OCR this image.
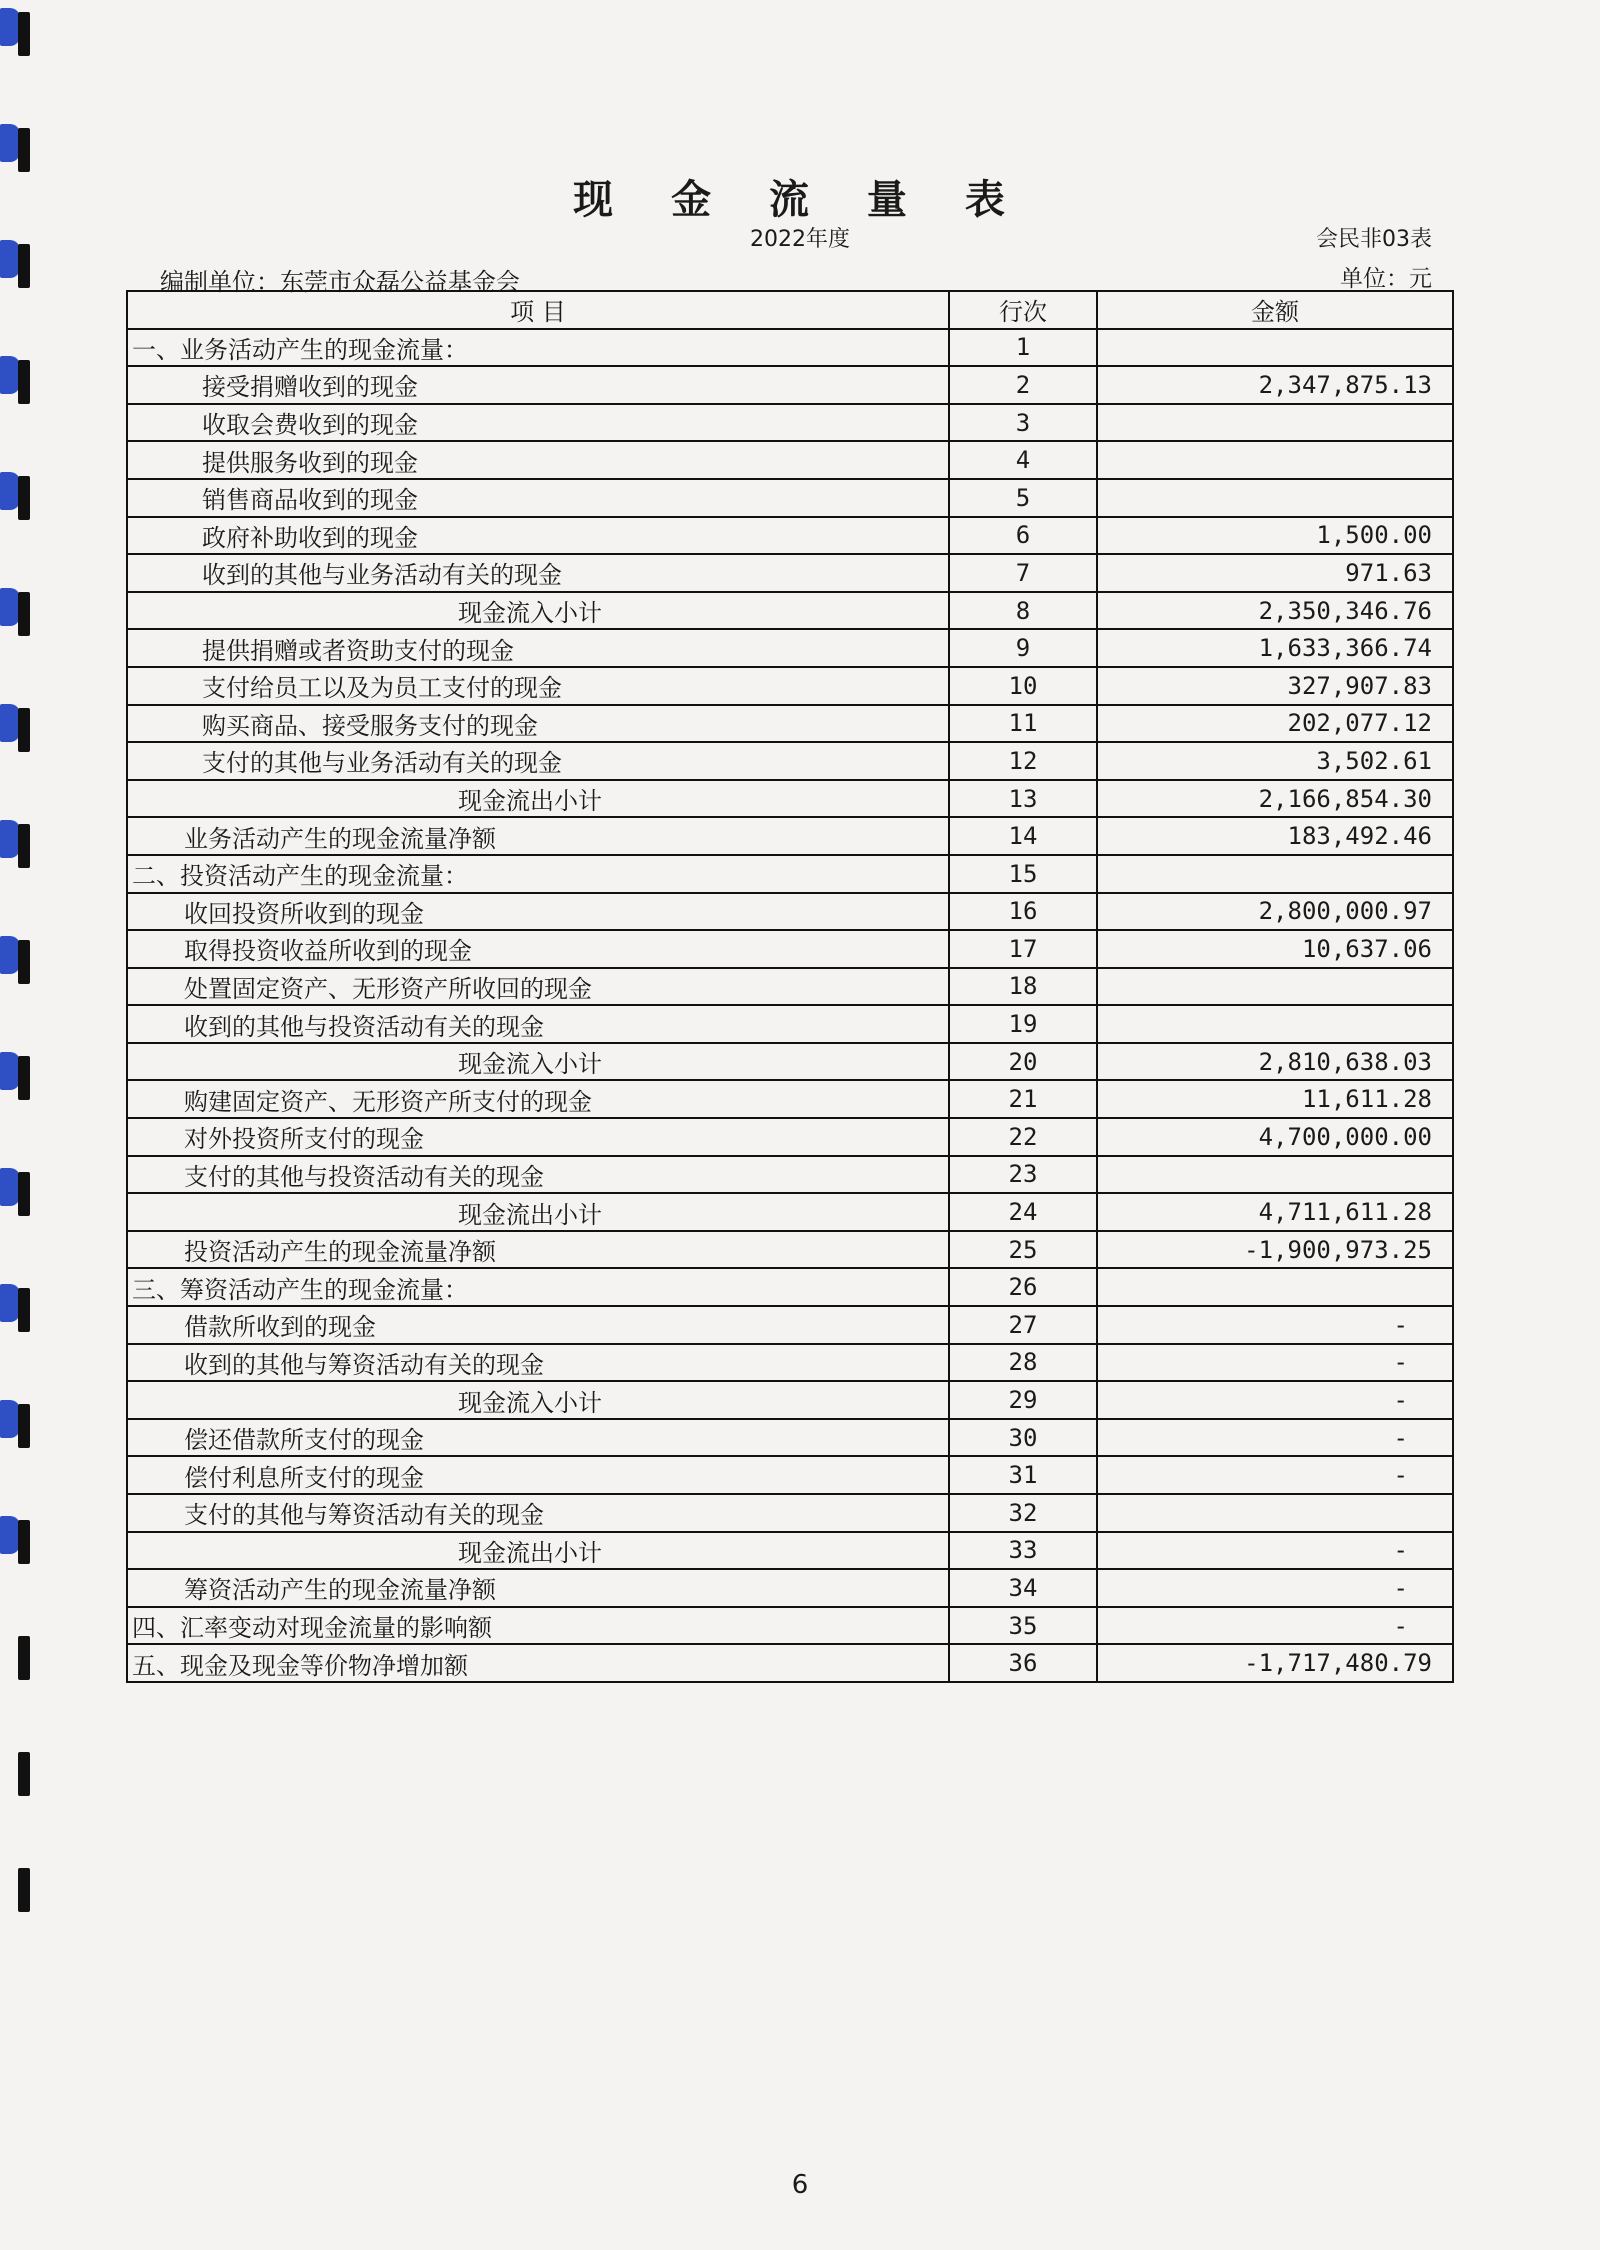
现 金 流 量 表
2022年度	会民非03表
编制单位：东莞市众磊公益基金会	单位：元
项 目	行次	金额
一、业务活动产生的现金流量：	1	
接受捐赠收到的现金	2	2,347,875.13
收取会费收到的现金	3	
提供服务收到的现金	4	
销售商品收到的现金	5	
政府补助收到的现金	6	1,500.00
收到的其他与业务活动有关的现金	7	971.63
现金流入小计	8	2,350,346.76
提供捐赠或者资助支付的现金	9	1,633,366.74
支付给员工以及为员工支付的现金	10	327,907.83
购买商品、接受服务支付的现金	11	202,077.12
支付的其他与业务活动有关的现金	12	3,502.61
现金流出小计	13	2,166,854.30
业务活动产生的现金流量净额	14	183,492.46
二、投资活动产生的现金流量：	15	
收回投资所收到的现金	16	2,800,000.97
取得投资收益所收到的现金	17	10,637.06
处置固定资产、无形资产所收回的现金	18	
收到的其他与投资活动有关的现金	19	
现金流入小计	20	2,810,638.03
购建固定资产、无形资产所支付的现金	21	11,611.28
对外投资所支付的现金	22	4,700,000.00
支付的其他与投资活动有关的现金	23	
现金流出小计	24	4,711,611.28
投资活动产生的现金流量净额	25	-1,900,973.25
三、筹资活动产生的现金流量：	26	
借款所收到的现金	27	-
收到的其他与筹资活动有关的现金	28	-
现金流入小计	29	-
偿还借款所支付的现金	30	-
偿付利息所支付的现金	31	-
支付的其他与筹资活动有关的现金	32	
现金流出小计	33	-
筹资活动产生的现金流量净额	34	-
四、汇率变动对现金流量的影响额	35	-
五、现金及现金等价物净增加额	36	-1,717,480.79
6
